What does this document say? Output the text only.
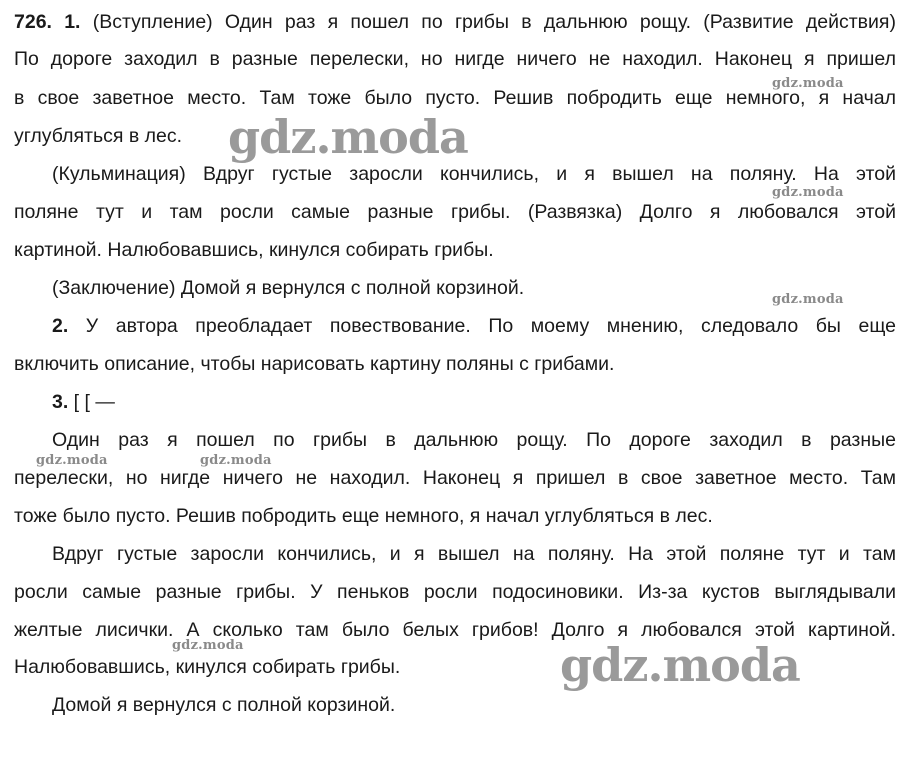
726. 1. (Вступление) Один раз я пошел по грибы в дальнюю рощу. (Развитие действия)
По дороге заходил в разные перелески, но нигде ничего не находил. Наконец я пришел
в свое заветное место. Там тоже было пусто. Решив побродить еще немного, я начал
углубляться в лес.
(Кульминация) Вдруг густые заросли кончились, и я вышел на поляну. На этой
поляне тут и там росли самые разные грибы. (Развязка) Долго я любовался этой
картиной. Налюбовавшись, кинулся собирать грибы.
(Заключение) Домой я вернулся с полной корзиной.
2. У автора преобладает повествование. По моему мнению, следовало бы еще
включить описание, чтобы нарисовать картину поляны с грибами.
3. [ [ —
Один раз я пошел по грибы в дальнюю рощу. По дороге заходил в разные
перелески, но нигде ничего не находил. Наконец я пришел в свое заветное место. Там
тоже было пусто. Решив побродить еще немного, я начал углубляться в лес.
Вдруг густые заросли кончились, и я вышел на поляну. На этой поляне тут и там
росли самые разные грибы. У пеньков росли подосиновики. Из-за кустов выглядывали
желтые лисички. А сколько там было белых грибов! Долго я любовался этой картиной.
Налюбовавшись, кинулся собирать грибы.
Домой я вернулся с полной корзиной.
gdz.moda
gdz.moda
gdz.moda
gdz.moda	gdz.moda
gdz.moda
gdz.moda
gdz.moda
